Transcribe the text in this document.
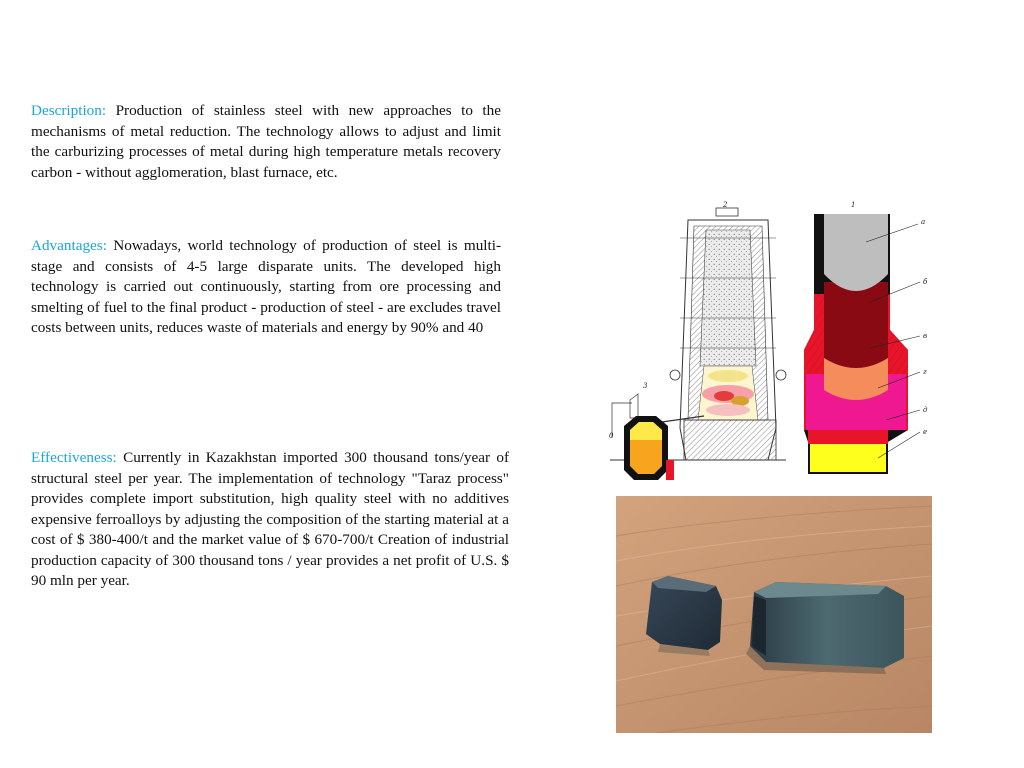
Description: Production of stainless steel with new approaches to the mechanisms of metal reduction. The technology allows to adjust and limit the carburizing processes of metal during high temperature metals recovery carbon - without agglomeration, blast furnace, etc.

Advantages: Nowadays, world technology of production of steel is multi-stage and consists of 4-5 large disparate units. The developed high technology is carried out continuously, starting from ore processing and smelting of fuel to the final product - production of steel - are excludes travel costs between units, reduces waste of materials and energy by 90% and 40

Effectiveness: Currently in Kazakhstan imported 300 thousand tons/year of structural steel per year. The implementation of technology "Taraz process" provides complete import substitution, high quality steel with no additives expensive ferroalloys by adjusting the composition of the starting material at a cost of $ 380-400/t and the market value of $ 670-700/t Creation of industrial production capacity of 300 thousand tons / year provides a net profit of U.S. $ 90 mln per year.

2
3
0
1
а
б
в
г
д
е
